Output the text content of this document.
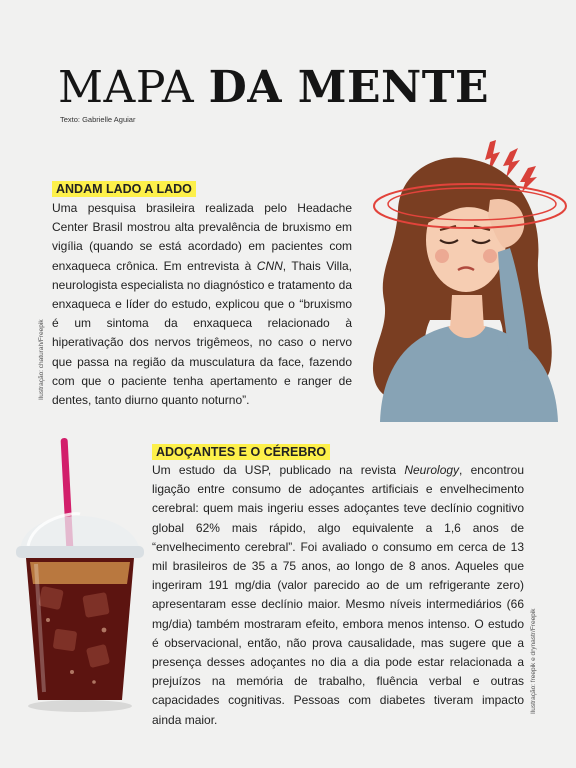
MAPA DA MENTE
Texto: Gabrielle Aguiar
ANDAM LADO A LADO

Uma pesquisa brasileira realizada pelo Headache Center Brasil mostrou alta prevalência de bruxismo em vigília (quando se está acordado) em pacientes com enxaqueca crônica. Em entrevista à CNN, Thais Villa, neurologista especialista no diagnóstico e tratamento da enxaqueca e líder do estudo, explicou que o “bruxismo é um sintoma da enxaqueca relacionado à hiperativação dos nervos trigêmeos, no caso o nervo que passa na região da musculatura da face, fazendo com que o paciente tenha apertamento e ranger de dentes, tanto diurno quanto noturno”.

Ilustração: chaturah/Freepik
ADOÇANTES E O CÉREBRO

Um estudo da USP, publicado na revista Neurology, encontrou ligação entre consumo de adoçantes artificiais e envelhecimento cerebral: quem mais ingeriu esses adoçantes teve declínio cognitivo global 62% mais rápido, algo equivalente a 1,6 anos de “envelhecimento cerebral”. Foi avaliado o consumo em cerca de 13 mil brasileiros de 35 a 75 anos, ao longo de 8 anos. Aqueles que ingeriram 191 mg/dia (valor parecido ao de um refrigerante zero) apresentaram esse declínio maior. Mesmo níveis intermediários (66 mg/dia) também mostraram efeito, embora menos intenso. O estudo é observacional, então, não prova causalidade, mas sugere que a presença desses adoçantes no dia a dia pode estar relacionada a prejuízos na memória de trabalho, fluência verbal e outras capacidades cognitivas. Pessoas com diabetes tiveram impacto ainda maior.

Ilustração: freepik e drynastr/Freepik
